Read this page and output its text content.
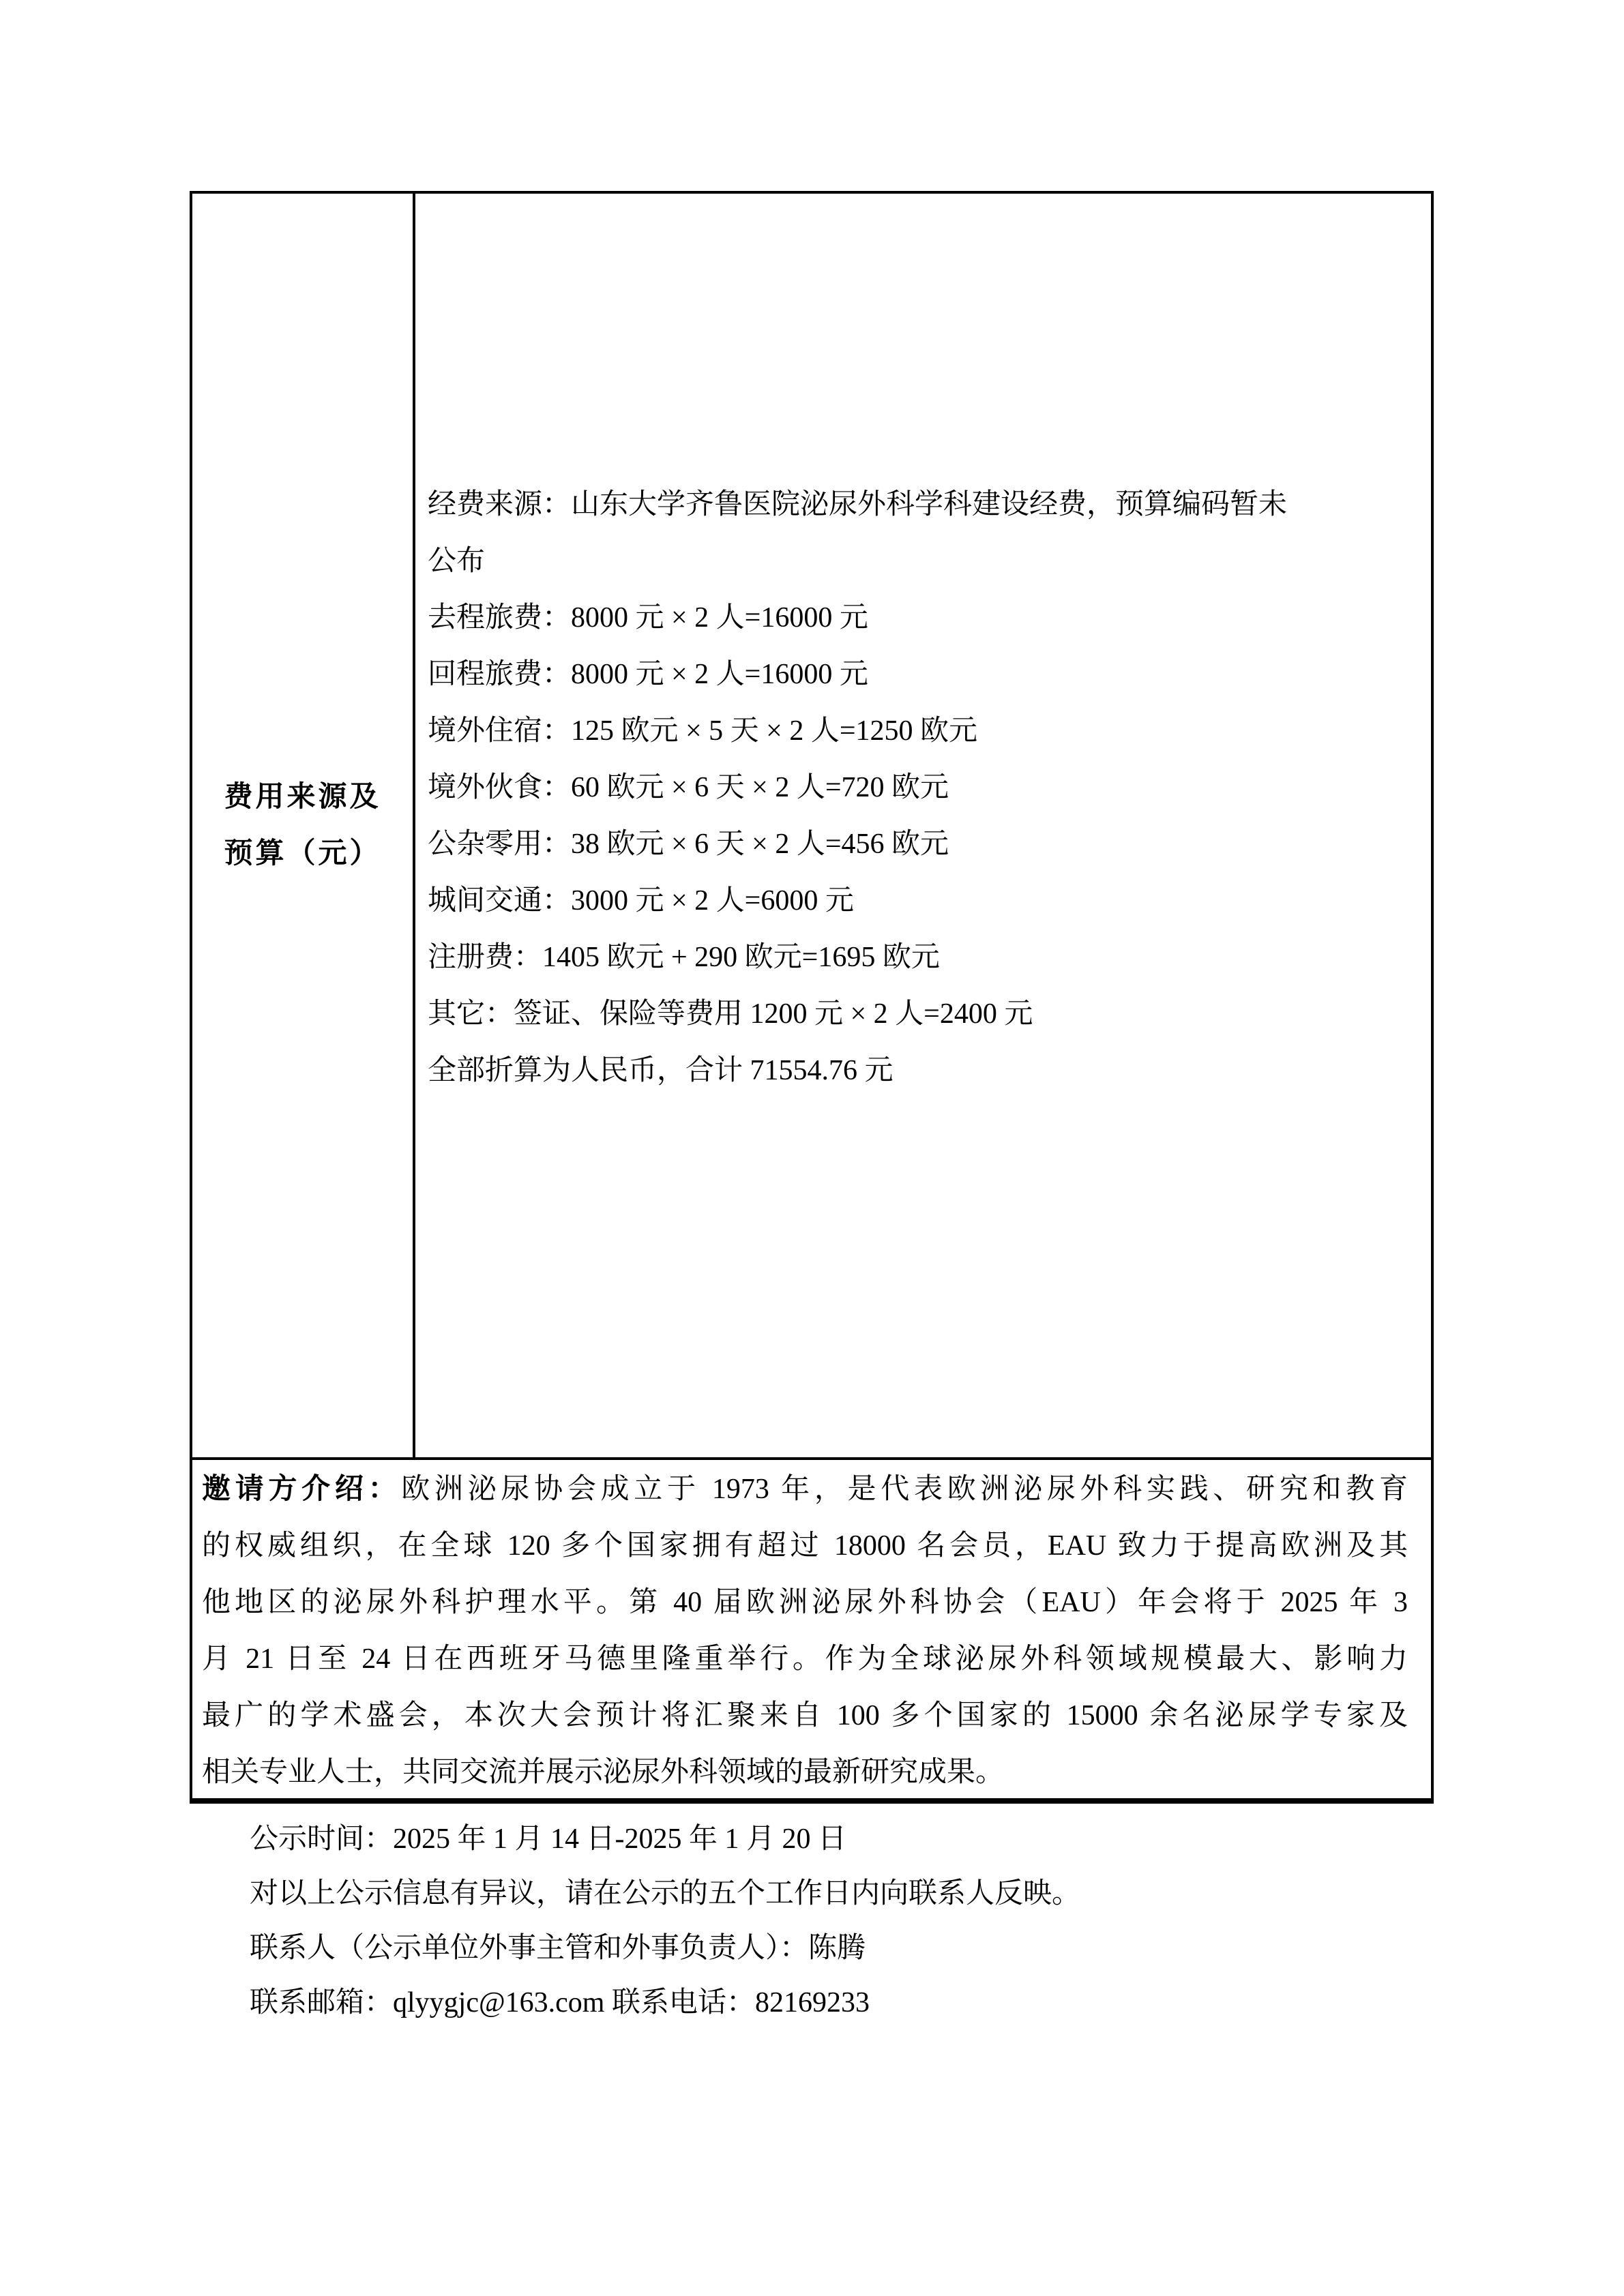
费用来源及
预算（元）
经费来源：山东大学齐鲁医院泌尿外科学科建设经费，预算编码暂未
公布
去程旅费：8000 元 × 2 人=16000 元
回程旅费：8000 元 × 2 人=16000 元
境外住宿：125 欧元 × 5 天 × 2 人=1250 欧元
境外伙食：60 欧元 × 6 天 × 2 人=720 欧元
公杂零用：38 欧元 × 6 天 × 2 人=456 欧元
城间交通：3000 元 × 2 人=6000 元
注册费：1405 欧元 + 290 欧元=1695 欧元
其它：签证、保险等费用 1200 元 × 2 人=2400 元
全部折算为人民币，合计 71554.76 元
邀请方介绍：欧洲泌尿协会成立于 1973 年，是代表欧洲泌尿外科实践、研究和教育
的权威组织，在全球 120 多个国家拥有超过 18000 名会员，EAU 致力于提高欧洲及其
他地区的泌尿外科护理水平。第 40 届欧洲泌尿外科协会（EAU）年会将于 2025 年 3
月 21 日至 24 日在西班牙马德里隆重举行。作为全球泌尿外科领域规模最大、影响力
最广的学术盛会，本次大会预计将汇聚来自 100 多个国家的 15000 余名泌尿学专家及
相关专业人士，共同交流并展示泌尿外科领域的最新研究成果。
公示时间：2025 年 1 月 14 日-2025 年 1 月 20 日
对以上公示信息有异议，请在公示的五个工作日内向联系人反映。
联系人（公示单位外事主管和外事负责人）：陈腾
联系邮箱：qlyygjc@163.com 联系电话：82169233
